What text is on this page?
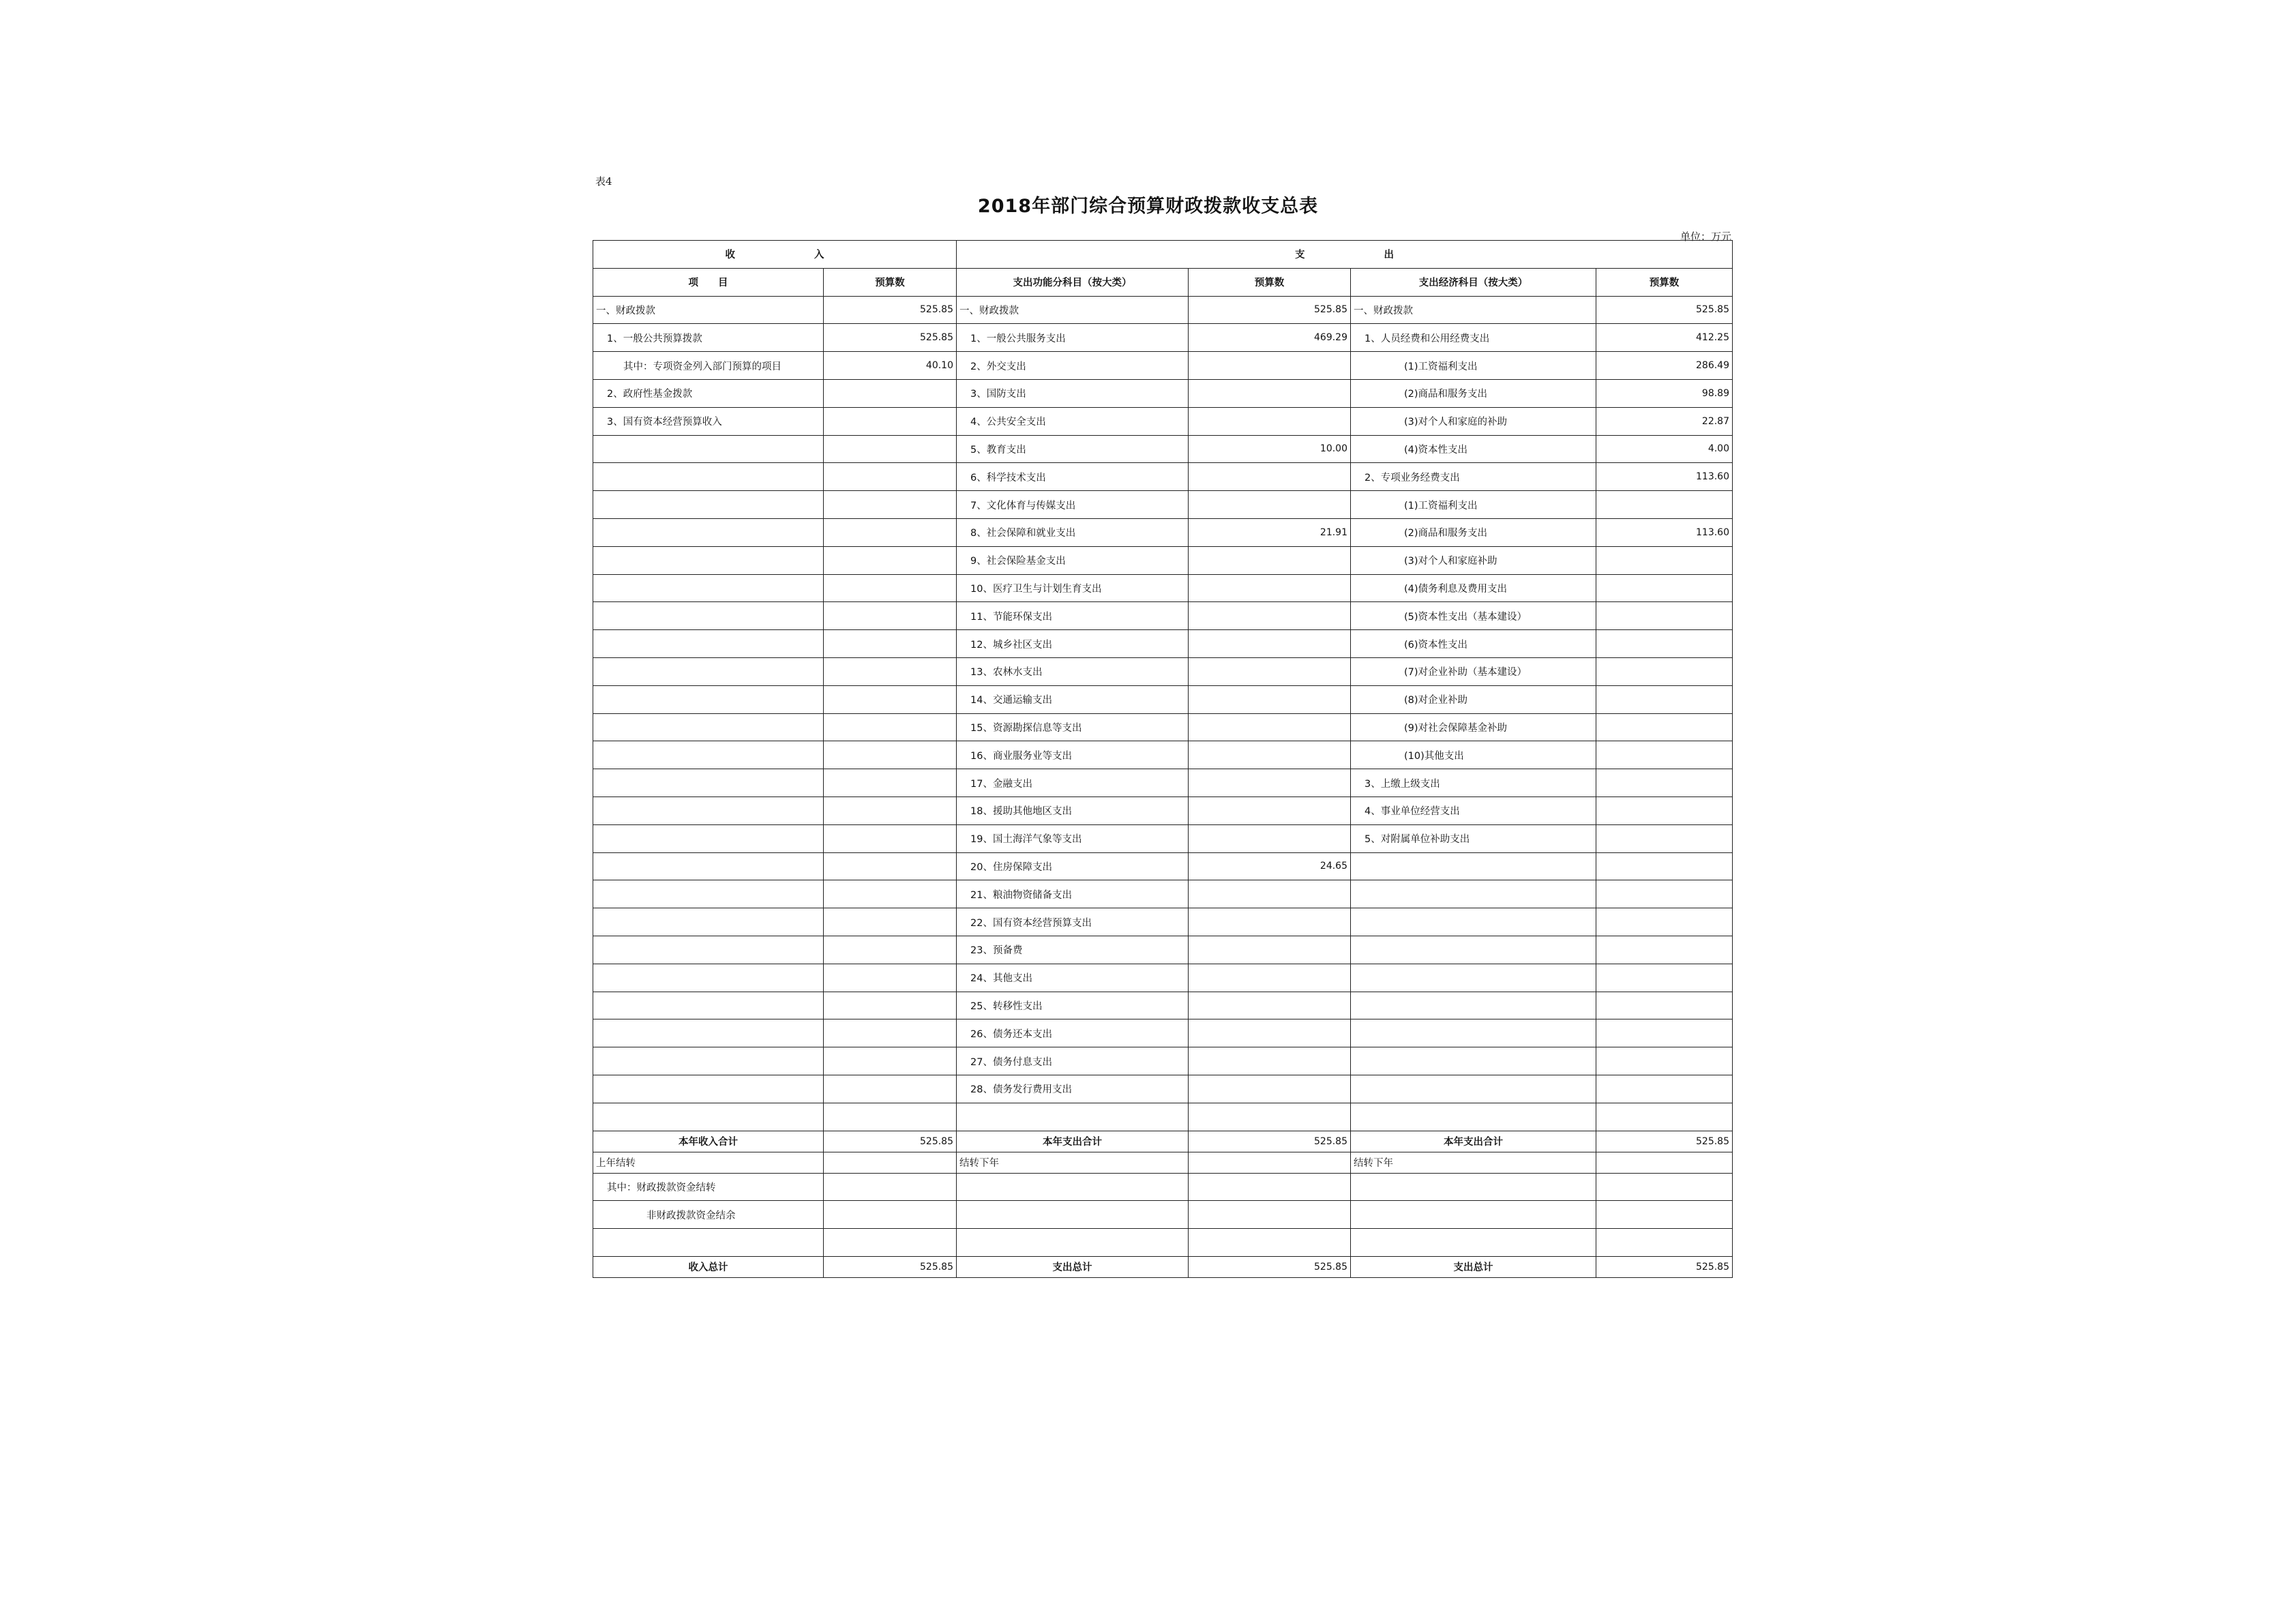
表4
2018年部门综合预算财政拨款收支总表
单位：万元
收　　　　　　　　入		支　　　　　　　　出			
项　　目	预算数	支出功能分科目（按大类）	预算数	支出经济科目（按大类）	预算数
一、财政拨款	525.85	一、财政拨款	525.85	一、财政拨款	525.85
1、一般公共预算拨款	525.85	1、一般公共服务支出	469.29	1、人员经费和公用经费支出	412.25
其中：专项资金列入部门预算的项目	40.10	2、外交支出		(1)工资福利支出	286.49
2、政府性基金拨款		3、国防支出		(2)商品和服务支出	98.89
3、国有资本经营预算收入		4、公共安全支出		(3)对个人和家庭的补助	22.87
		5、教育支出	10.00	(4)资本性支出	4.00
		6、科学技术支出		2、专项业务经费支出	113.60
		7、文化体育与传媒支出		(1)工资福利支出	
		8、社会保障和就业支出	21.91	(2)商品和服务支出	113.60
		9、社会保险基金支出		(3)对个人和家庭补助	
		10、医疗卫生与计划生育支出		(4)债务利息及费用支出	
		11、节能环保支出		(5)资本性支出（基本建设）	
		12、城乡社区支出		(6)资本性支出	
		13、农林水支出		(7)对企业补助（基本建设）	
		14、交通运输支出		(8)对企业补助	
		15、资源勘探信息等支出		(9)对社会保障基金补助	
		16、商业服务业等支出		(10)其他支出	
		17、金融支出		3、上缴上级支出	
		18、援助其他地区支出		4、事业单位经营支出	
		19、国土海洋气象等支出		5、对附属单位补助支出	
		20、住房保障支出	24.65		
		21、粮油物资储备支出			
		22、国有资本经营预算支出			
		23、预备费			
		24、其他支出			
		25、转移性支出			
		26、债务还本支出			
		27、债务付息支出			
		28、债务发行费用支出			

本年收入合计	525.85	本年支出合计	525.85	本年支出合计	525.85
上年结转		结转下年		结转下年	
其中：财政拨款资金结转					
非财政拨款资金结余					

收入总计	525.85	支出总计	525.85	支出总计	525.85
